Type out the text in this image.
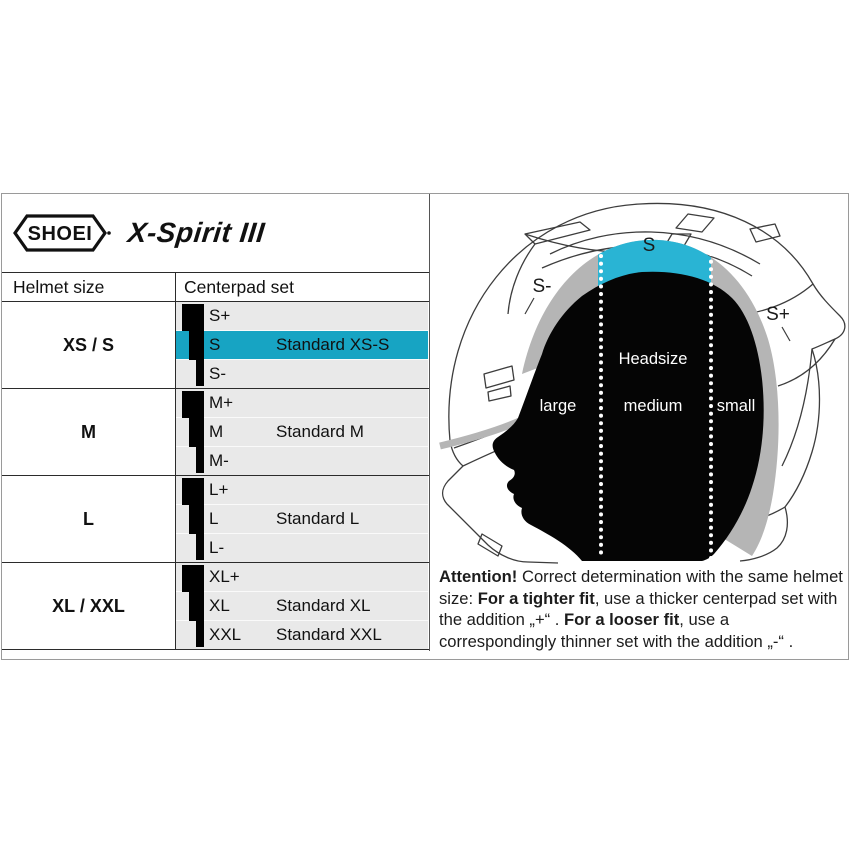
SHOEI X-Spirit III
Helmet size	Centerpad set
XS / S
S+
S	Standard XS-S
S-
M
M+
M	Standard M
M-
L
L+
L	Standard L
L-
XL / XXL
XL+
XL	Standard XL
XXL Standard XXL
S
S-
S+
Headsize
large	medium small
Attention! Correct determination with the same helmet size: For a tighter fit, use a thicker centerpad set with the addition „+“ . For a looser fit, use a correspondingly thinner set with the addition „-“ .
